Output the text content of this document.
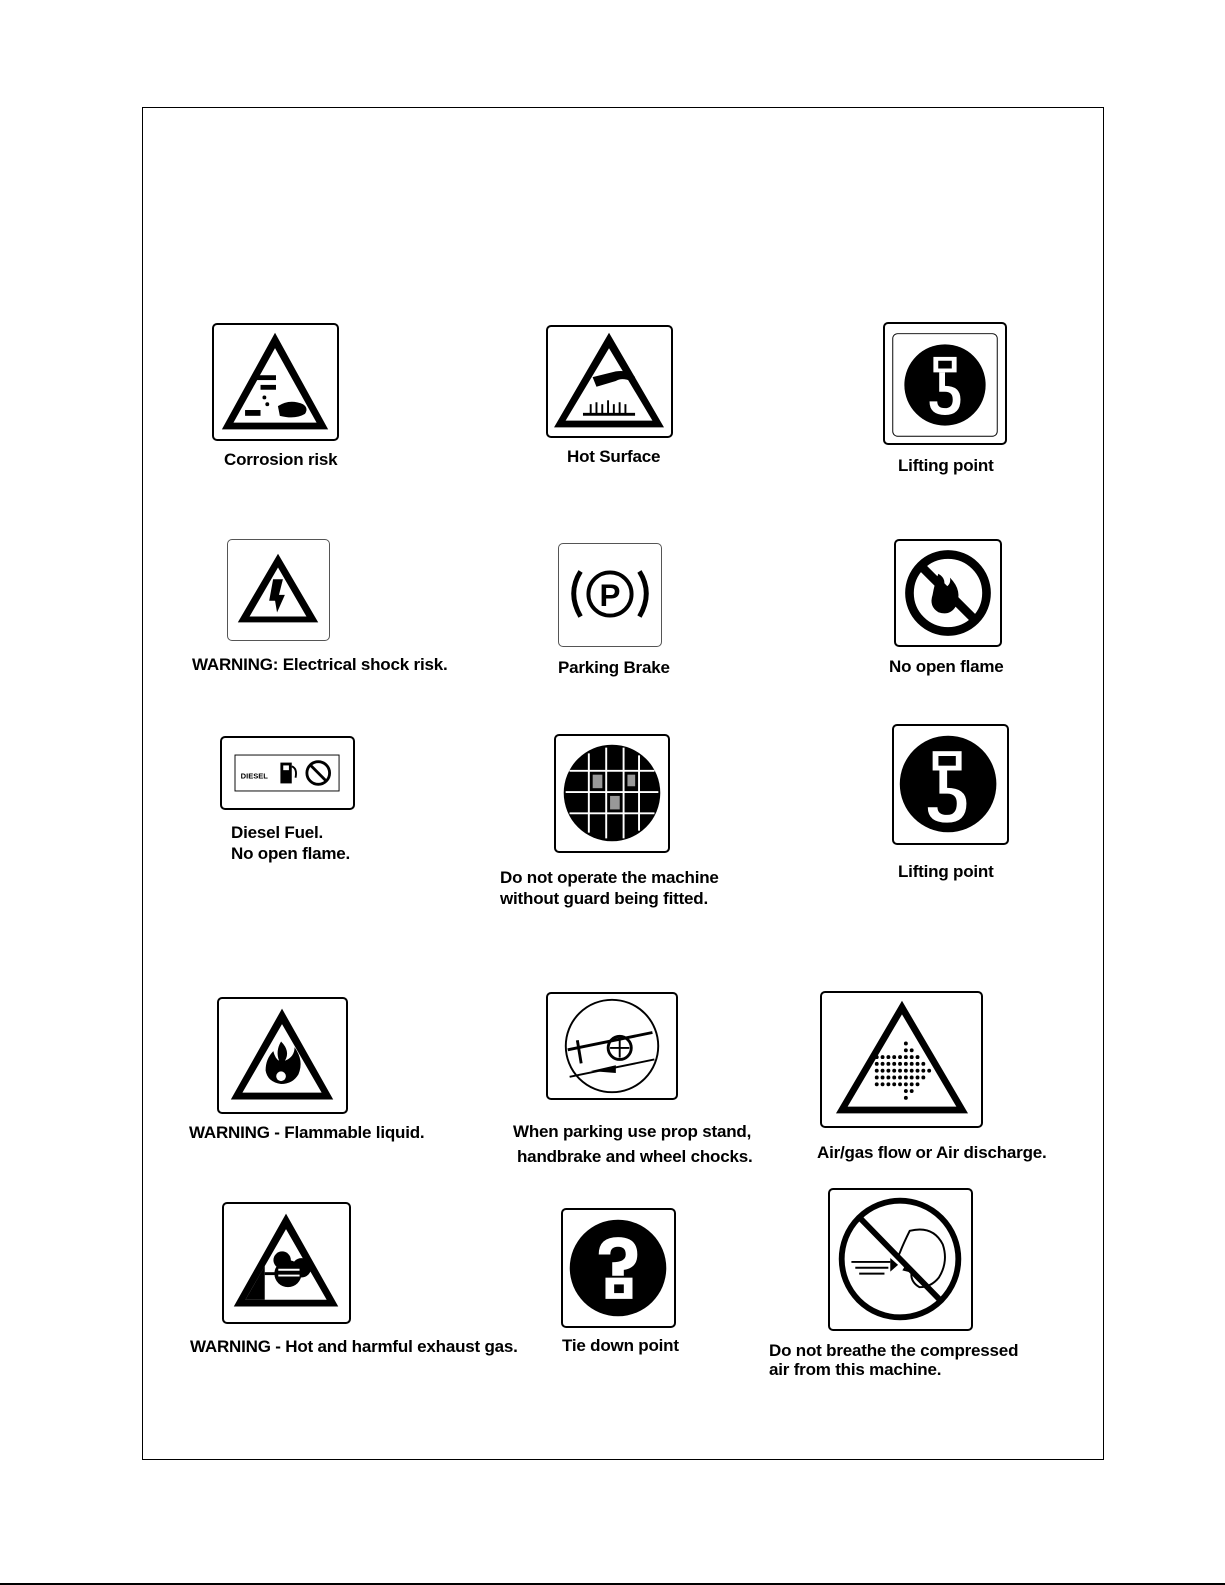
Corrosion risk	Hot Surface	Lifting point
WARNING: Electrical shock risk.
P
Parking Brake	No open flame
DIESEL
Diesel Fuel.
No open flame.
Do not operate the machine
without guard being fitted.
Lifting point
WARNING - Flammable liquid.	When parking use prop stand,
handbrake and wheel chocks.	Air/gas flow or Air discharge.
WARNING - Hot and harmful exhaust gas.	Tie down point	Do not breathe the compressed
air from this machine.
